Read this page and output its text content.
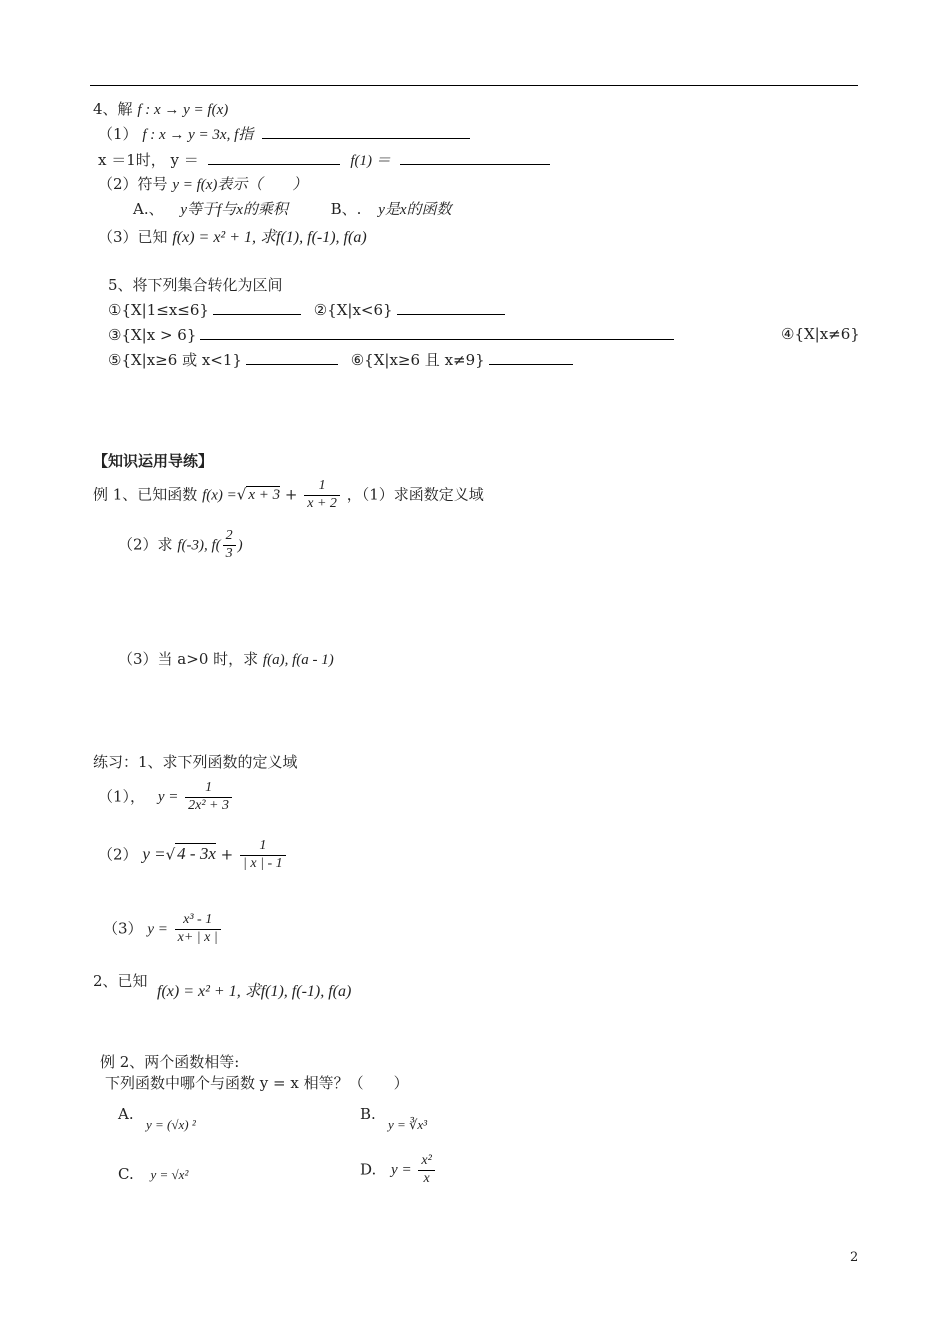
4、解 f : x → y = f(x)
（1） f : x → y = 3x, f指
x ＝1时， y ＝	f(1) ＝
（2）符号 y = f(x)表示（　　）
A.、 y等于f与x的乘积	B、. y是x的函数
（3）已知 f(x) = x² + 1, 求f(1), f(-1), f(a)
5、将下列集合转化为区间
①{X|1≤x≤6}	②{X|x<6}
③{X|x > 6}	④{X|x≠6}
⑤{X|x≥6 或 x<1}	⑥{X|x≥6 且 x≠9}
【知识运用导练】
例 1、已知函数 f(x) =√ $x + 3 + \frac{1}{x + 2}$ ，（1）求函数定义域
（2）求 f(-3), $f( \frac{2}{3}$ )
（3）当 a>0 时，求 f(a), f(a - 1)
练习：1、求下列函数的定义域
（1）， $y = \frac{1}{\text{2x² + 3}}$
（2） y =√ $4 - 3x + \frac{1}{| x | - 1}$
（3） $y = \frac{\text{x³ - 1}}{x+ | x |}$
2、已知
f(x) = x² + 1, 求f(1), f(-1), f(a)
例 2、两个函数相等:
下列函数中哪个与函数 y = x 相等？（　　）
A.
y = (√x) ²
B.
y = ∛x³
C. y = √x²	D. $y = \frac{\text{x²}}{x}$
2
